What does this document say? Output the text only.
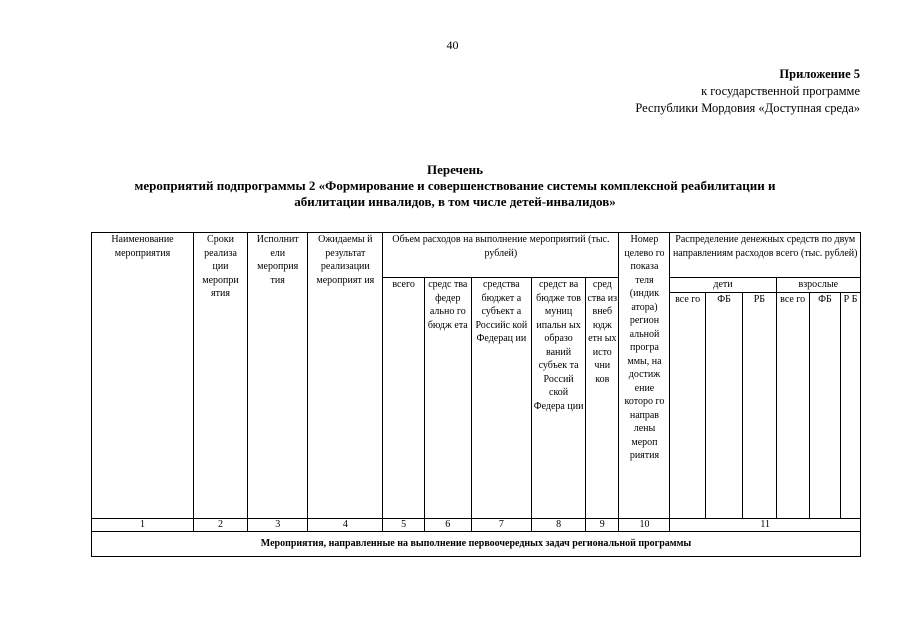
40
Приложение 5
к государственной программе
Республики Мордовия «Доступная среда»
Перечень
мероприятий подпрограммы 2 «Формирование и совершенствование системы комплексной реабилитации и
абилитации инвалидов, в том числе детей-инвалидов»
Наименование мероприятия	Сроки реализа ции меропри ятия	Исполнит ели мероприя тия	Ожидаемы й результат реализации мероприят ия	Объем расходов на выполнение мероприятий (тыс. рублей)					Номер целево го показа теля (индик атора) регион альной програ ммы, на достиж ение которо го направ лены мероп риятия	Распределение денежных средств по двум направлениям расходов всего (тыс. рублей)					

				всего	средс тва федер ально го бюдж ета	средства бюджет а субъект а Российс кой Федерац ии	средст ва бюдже тов муниц ипальн ых образо ваний субъек та Россий ской Федера ции	сред ства из внеб юдж етн ых исто чни ков		дети			взрослые		
										все го	ФБ	РБ	все го	ФБ	Р Б
1	2	3	4	5	6	7	8	9	10	11					
Мероприятия, направленные на выполнение первоочередных задач региональной программы															
